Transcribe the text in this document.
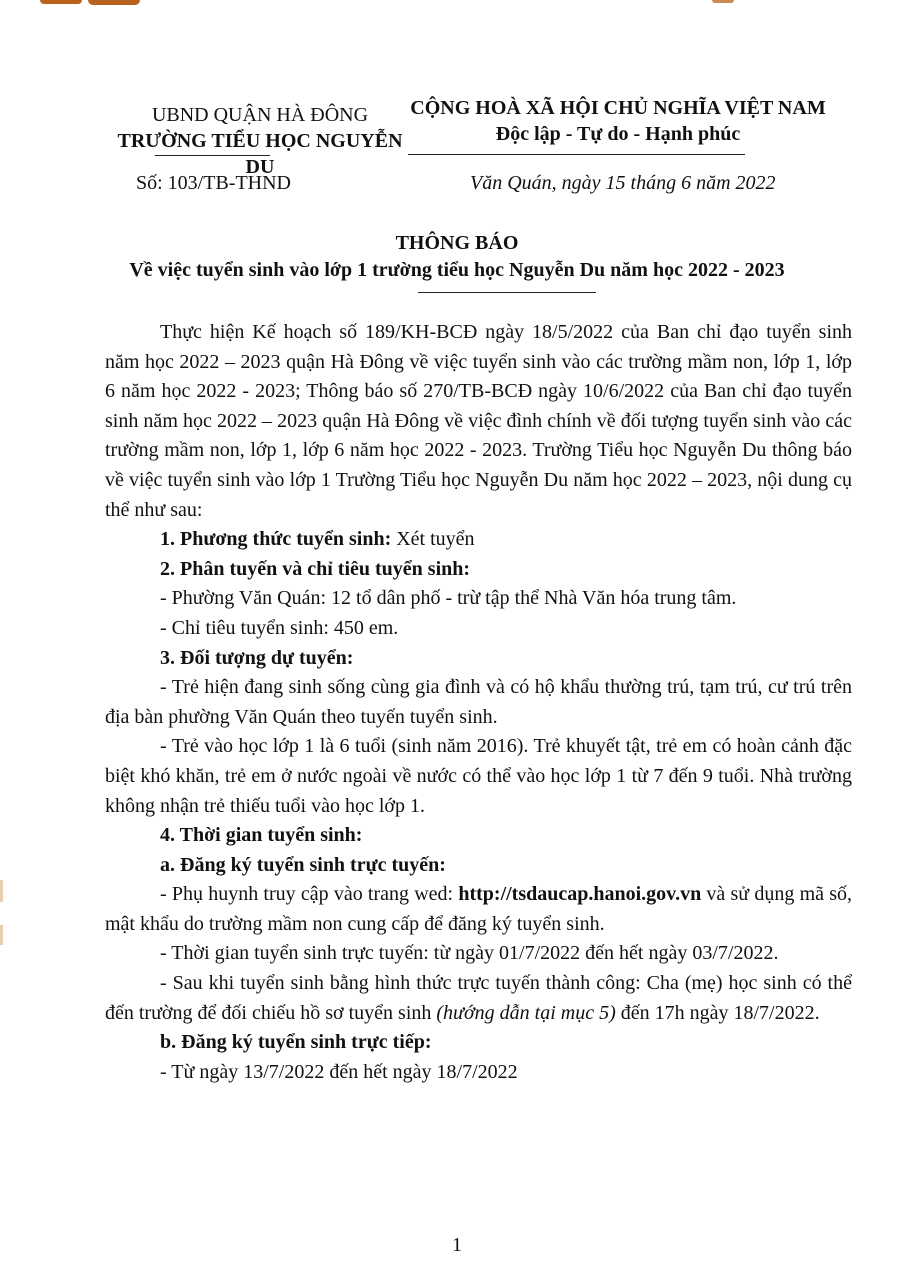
UBND QUẬN HÀ ĐÔNG
TRƯỜNG TIỂU HỌC NGUYỄN DU
CỘNG HOÀ XÃ HỘI CHỦ NGHĨA VIỆT NAM
Độc lập - Tự do - Hạnh phúc
Số: 103/TB-THND	Văn Quán, ngày 15 tháng 6 năm 2022
THÔNG BÁO
Về việc tuyển sinh vào lớp 1 trường tiểu học Nguyễn Du năm học 2022 - 2023

Thực hiện Kế hoạch số 189/KH-BCĐ ngày 18/5/2022 của Ban chỉ đạo tuyển sinh năm học 2022 – 2023 quận Hà Đông về việc tuyển sinh vào các trường mầm non, lớp 1, lớp 6 năm học 2022 - 2023; Thông báo số 270/TB-BCĐ ngày 10/6/2022 của Ban chỉ đạo tuyển sinh năm học 2022 – 2023 quận Hà Đông về việc đình chính về đối tượng tuyển sinh vào các trường mầm non, lớp 1, lớp 6 năm học 2022 - 2023. Trường Tiểu học Nguyễn Du thông báo về việc tuyển sinh vào lớp 1 Trường Tiểu học Nguyễn Du năm học 2022 – 2023, nội dung cụ thể như sau:

1. Phương thức tuyển sinh: Xét tuyển

2. Phân tuyến và chỉ tiêu tuyển sinh:

- Phường Văn Quán: 12 tổ dân phố - trừ tập thể Nhà Văn hóa trung tâm.

- Chỉ tiêu tuyển sinh: 450 em.

3. Đối tượng dự tuyển:

- Trẻ hiện đang sinh sống cùng gia đình và có hộ khẩu thường trú, tạm trú, cư trú trên địa bàn phường Văn Quán theo tuyến tuyển sinh.

- Trẻ vào học lớp 1 là 6 tuổi (sinh năm 2016). Trẻ khuyết tật, trẻ em có hoàn cảnh đặc biệt khó khăn, trẻ em ở nước ngoài về nước có thể vào học lớp 1 từ 7 đến 9 tuổi. Nhà trường không nhận trẻ thiếu tuổi vào học lớp 1.

4. Thời gian tuyển sinh:

a. Đăng ký tuyển sinh trực tuyến:

- Phụ huynh truy cập vào trang wed: http://tsdaucap.hanoi.gov.vn và sử dụng mã số, mật khẩu do trường mầm non cung cấp để đăng ký tuyển sinh.

- Thời gian tuyển sinh trực tuyến: từ ngày 01/7/2022 đến hết ngày 03/7/2022.

- Sau khi tuyển sinh bằng hình thức trực tuyến thành công: Cha (mẹ) học sinh có thể đến trường để đối chiếu hồ sơ tuyển sinh (hướng dẫn tại mục 5) đến 17h ngày 18/7/2022.

b. Đăng ký tuyển sinh trực tiếp:

- Từ ngày 13/7/2022 đến hết ngày 18/7/2022

1
